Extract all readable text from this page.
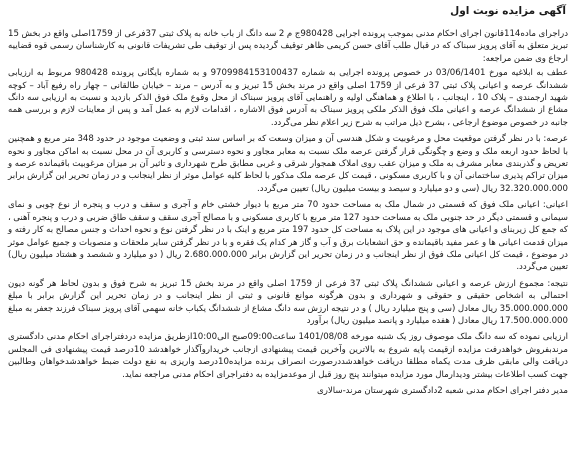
آگهی مزایده نوبت اول

دراجرای ماده114قانون اجرای احکام مدنی بموجب پرونده اجرایی 980428ج م 2 سه دانگ از باب خانه به پلاک ثبتی 37فرعی از 1759اصلی واقع در بخش 15 تبریز متعلق به آقای پرویز سبناک که در قبال طلب آقای حسن کریمی ظاهر توقیف گردیده پس از توقیف طی تشریفات قانونی به کارشناسان رسمی قوه قضاییه ارجاع وی ضمن مراجعه:

عطف به ابلاغیه مورخ 03/06/1401 در خصوص پرونده اجرایی به شماره 9709984153100437 و به شماره بایگانی پرونده 980428 مربوط به ارزیابی ششدانگ عرصه و اعیانی پلاک ثبتی 37 فرعی از 1759 اصلی واقع در مرند بخش 15 تبریز و به آدرس – مرند – خیابان طالقانی – چهار راه رفیع آباد – کوچه شهید ارجمندی – پلاک 10 ، اینجانب ، با اطلاع و هماهنگی اولیه و راهنمایی آقای پرویز سبناک از محل وقوع ملک فوق الذکر بازدید و نسبت به ارزیابی سه دانگ مشاع از ششدانگ عرصه و اعیانی ملک فوق الذکر ملکی پرویز سبناک به آدرس فوق الاشاره ، اقدامات لازم به عمل آمد و پس از معاینات لازم و بررسی همه جانبه در خصوص موضوع ارجاعی ، بشرح ذیل مراتب به شرح زیر اعلام نظر می‌گردد.

عرصه: با در نظر گرفتن موقعیت محل و مرغوبیت و شکل هندسی آن و میزان وسعت که بر اساس سند ثبتی و وضعیت موجود در حدود 348 متر مربع و همچنین با لحاظ حدود اربعه ملک و وضع و چگونگی قرار گرفتن عرصه ملک نسبت به معابر مجاور و نحوه دسترسی و کاربری آن در محل نسبت به اماکن مجاور و نحوه تعریض و گذربندی معابر مشرف به ملک و میزان عقب روی املاک همجوار شرقی و غربی مطابق طرح شهرداری و تاثیر آن بر میزان مرغوبیت باقیمانده عرصه و میزان تراکم پذیری ساختمانی آن و با کاربری مسکونی ، قیمت کل عرصه ملک مذکور با لحاظ کلیه عوامل موثر از نظر اینجانب و در زمان تحریر این گزارش برابر 32.320.000.000 ریال (سی و دو میلیارد و سیصد و بیست میلیون ریال) تعیین می‌گردد.

اعیانی: اعیانی ملک فوق که قسمتی در شمال ملک به مساحت حدود 70 متر مربع با دیوار خشتی خام و آجری و سقف و درب و پنجره از نوع چوبی و نمای سیمانی و قسمتی دیگر در حد جنوبی ملک به مساحت حدود 127 متر مربع با کاربری مسکونی و با مصالح آجری سقف و سقف طاق ضربی و درب و پنجره آهنی ، که جمع کل زیربنای و اعیانی های موجود در این پلاک به مساحت کل حدود 197 متر مربع و اینک با در نظر گرفتن نوع و نحوه احداث و جنس مصالح به کار رفته و میزان قدمت اعیانی ها و عمر مفید باقیمانده و حق انشعابات برق و آب و گاز هر کدام یک فقره و با در نظر گرفتن سایر ملحقات و منصوبات و جمیع عوامل موثر در موضوع ، قیمت کل اعیانی ملک فوق از نظر اینجانب و در زمان تحریر این گزارش برابر 2.680.000.000 ریال ( دو میلیارد و ششصد و هشتاد میلیون ریال) تعیین می‌گردد.

نتیجه: مجموع ارزش عرصه و اعیانی ششدانگ پلاک ثبتی 37 فرعی از 1759 اصلی واقع در مرند بخش 15 تبریز به شرح فوق و بدون لحاظ هر گونه دیون احتمالی به اشخاص حقیقی و حقوقی و شهرداری و بدون هرگونه موانع قانونی و ثبتی از نظر اینجانب و در زمان تحریر این گزارش برابر با مبلغ 35.000.000.000 ریال معادل (سی و پنج میلیارد ریال ) و در نتیجه ارزش سه دانگ مشاع از ششدانگ یکباب خانه سهمی آقای پرویز سبناک فرزند جعفر به مبلغ 17.500.000.000 ریال معادل ( هفده میلیارد و پانصد میلیون ریال) برآورد

ارزیابی نموده که سه دانگ ملک موصوف روز یک شنبه مورخه 1401/08/08 ساعت09:00صبح الی10:00ازطریق مزایده دردفتراجرای احکام مدنی دادگستری مرندبفروش خواهدرفت مزایده ازقیمت پایه شروع به بالاترین وآخرین قیمت پیشنهادی ازجانب خریداروآگذار خواهدشد 10درصد قیمت پیشنهادی فی المجلس دریافت والی مابقی ظرف مدت یکماه مطلقا دریافت خواهدشددرصورت انصراف برنده مزایده10درصد واریزی به نفع دولت ضبط خواهدشدخواهان وطالبین جهت کسب اطلاعات بیشتر ودیدارمال مورد مزایده میتوانند پنج روز قبل از موعدمزایده به دفتراجرای احکام مدنی مراجعه نماید.

مدیر دفتر اجرای احکام مدنی شعبه 2دادگستری شهرستان مرند-سالاری
